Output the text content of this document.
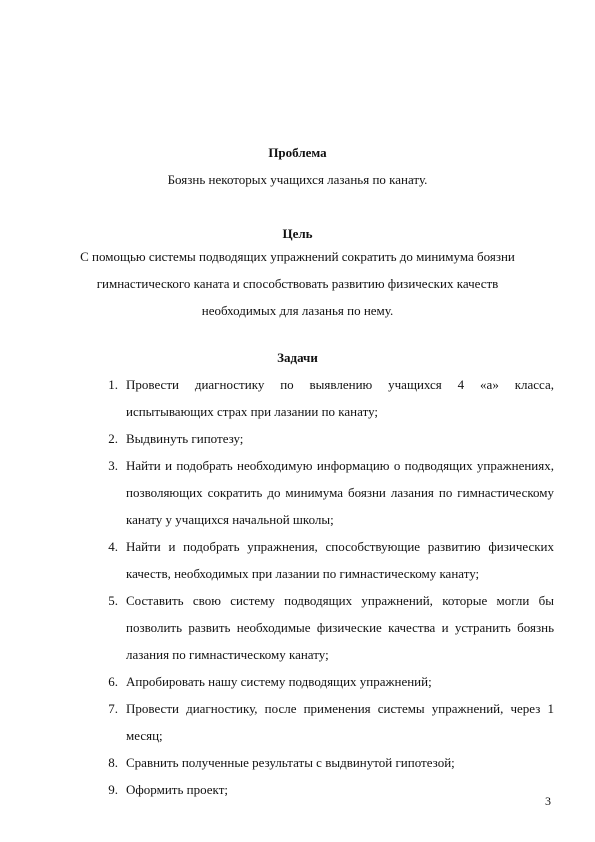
Проблема
Боязнь некоторых учащихся лазанья по канату.
Цель
С помощью системы подводящих упражнений сократить до минимума боязни гимнастического каната и способствовать развитию физических качеств необходимых для лазанья по нему.
Задачи
1. Провести диагностику по выявлению учащихся 4 «а» класса, испытывающих страх при лазании по канату;
2. Выдвинуть гипотезу;
3. Найти и подобрать необходимую информацию о подводящих упражнениях, позволяющих сократить до минимума боязни лазания по гимнастическому канату у учащихся начальной школы;
4. Найти и подобрать упражнения, способствующие развитию физических качеств, необходимых при лазании по гимнастическому канату;
5. Составить свою систему подводящих упражнений, которые могли бы позволить развить необходимые физические качества и устранить боязнь лазания по гимнастическому канату;
6. Апробировать нашу систему подводящих упражнений;
7. Провести диагностику, после применения системы упражнений, через 1 месяц;
8. Сравнить полученные результаты с выдвинутой гипотезой;
9. Оформить проект;
3
